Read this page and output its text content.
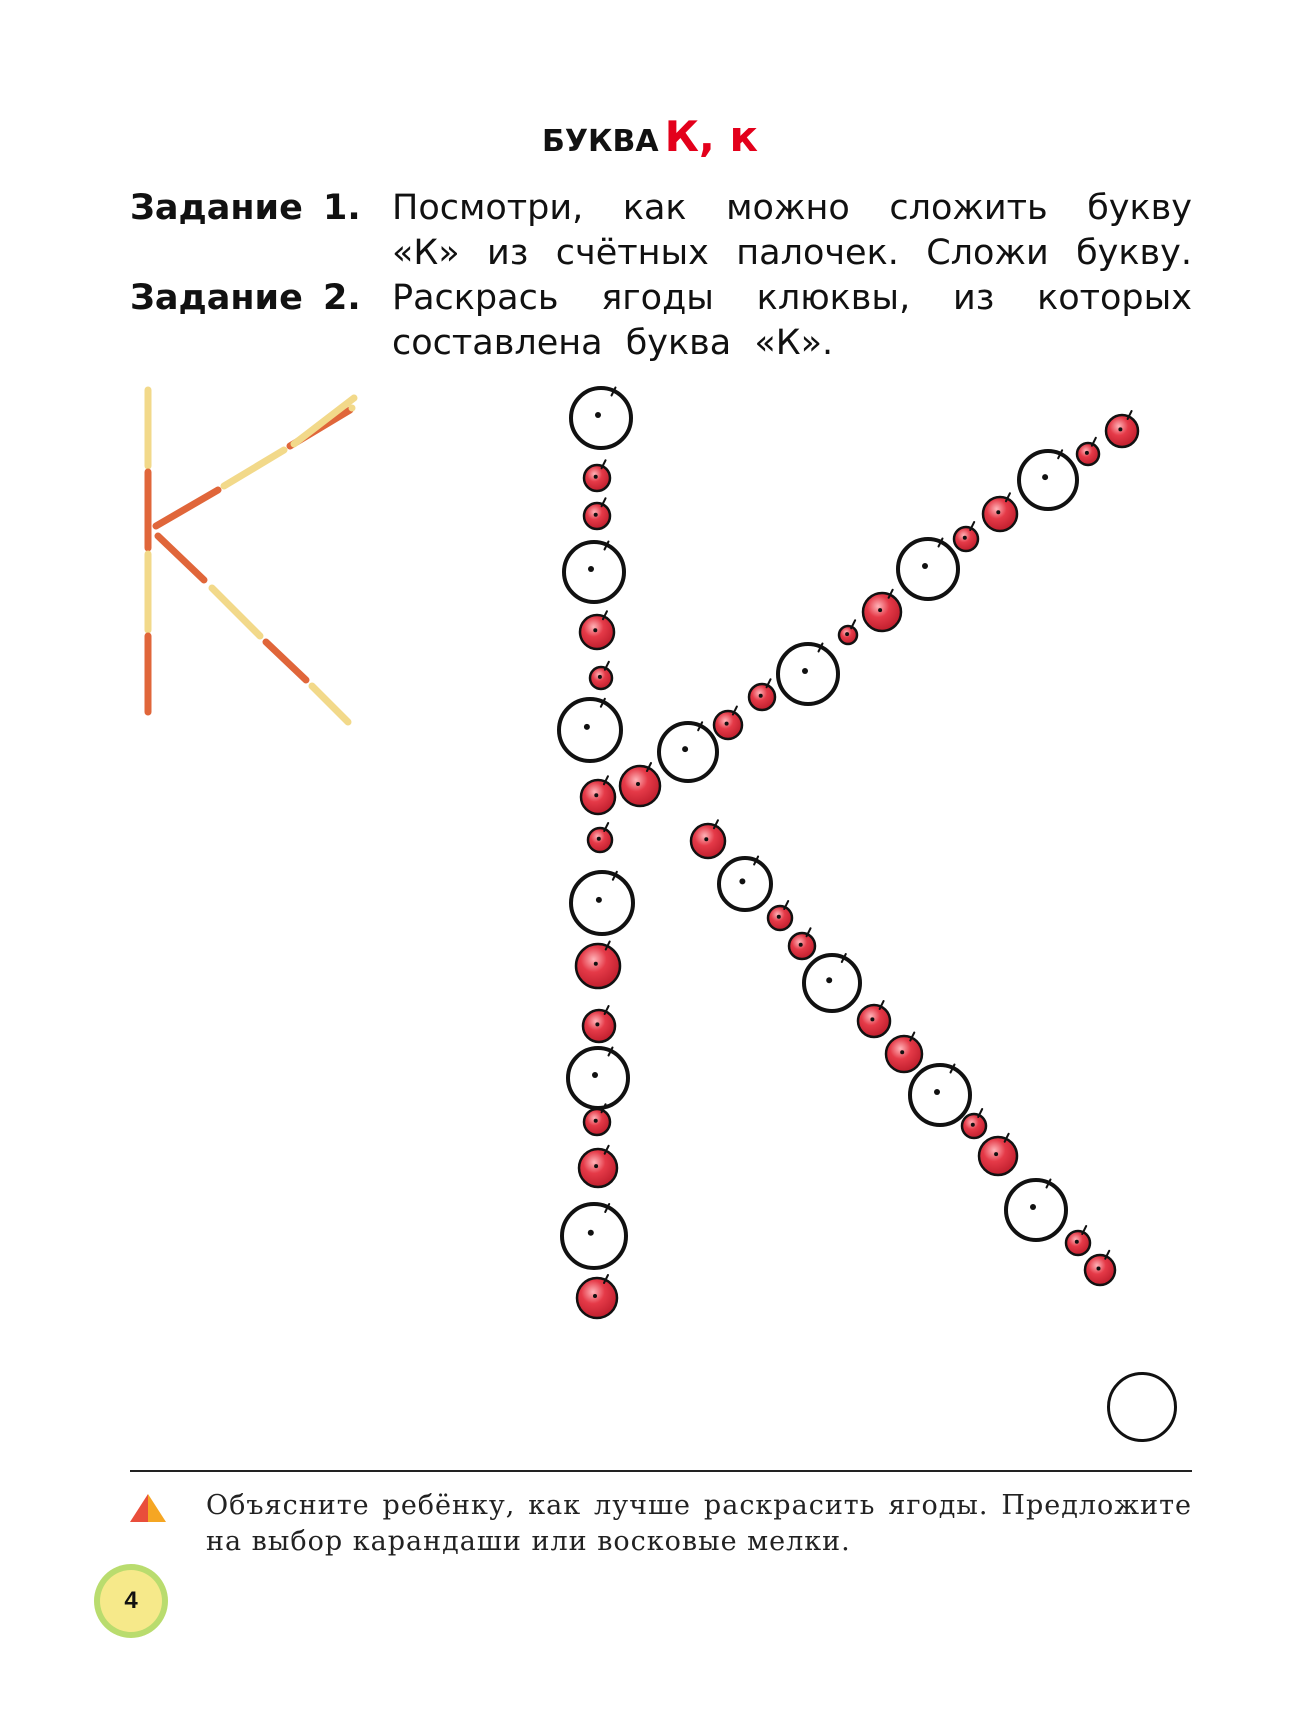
БУКВА К, к
Задание 1. Посмотри, как можно сложить букву
«К» из счётных палочек. Сложи букву.
Задание 2. Раскрась ягоды клюквы, из которых
составлена буква «К».
Объясните ребёнку, как лучше раскрасить ягоды. Предложите на выбор карандаши или восковые мелки.
4
